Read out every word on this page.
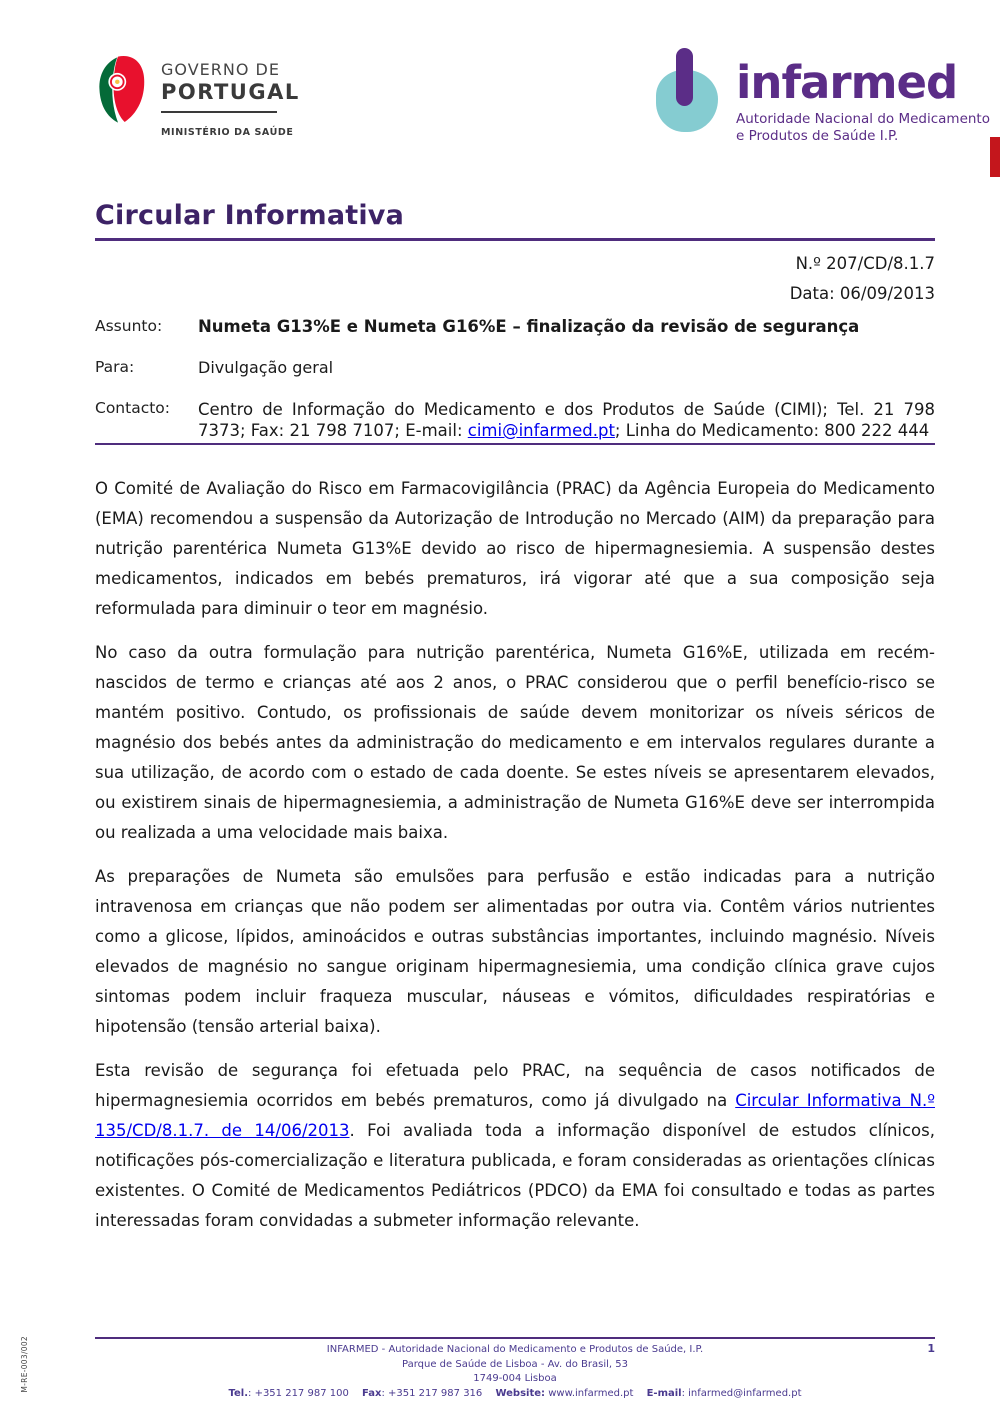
GOVERNO DE
PORTUGAL
MINISTÉRIO DA SAÚDE
infarmed
Autoridade Nacional do Medicamento
e Produtos de Saúde I.P.
Circular Informativa
N.º 207/CD/8.1.7
Data: 06/09/2013
Assunto:	Numeta G13%E e Numeta G16%E – finalização da revisão de segurança
Para:	Divulgação geral
Contacto:	Centro de Informação do Medicamento e dos Produtos de Saúde (CIMI); Tel. 21 798 7373; Fax: 21 798 7107; E-mail: cimi@infarmed.pt; Linha do Medicamento: 800 222 444

O Comité de Avaliação do Risco em Farmacovigilância (PRAC) da Agência Europeia do Medicamento (EMA) recomendou a suspensão da Autorização de Introdução no Mercado (AIM) da preparação para nutrição parentérica Numeta G13%E devido ao risco de hipermagnesiemia. A suspensão destes medicamentos, indicados em bebés prematuros, irá vigorar até que a sua composição seja reformulada para diminuir o teor em magnésio.

No caso da outra formulação para nutrição parentérica, Numeta G16%E, utilizada em recém-nascidos de termo e crianças até aos 2 anos, o PRAC considerou que o perfil benefício-risco se mantém positivo. Contudo, os profissionais de saúde devem monitorizar os níveis séricos de magnésio dos bebés antes da administração do medicamento e em intervalos regulares durante a sua utilização, de acordo com o estado de cada doente. Se estes níveis se apresentarem elevados, ou existirem sinais de hipermagnesiemia, a administração de Numeta G16%E deve ser interrompida ou realizada a uma velocidade mais baixa.

As preparações de Numeta são emulsões para perfusão e estão indicadas para a nutrição intravenosa em crianças que não podem ser alimentadas por outra via. Contêm vários nutrientes como a glicose, lípidos, aminoácidos e outras substâncias importantes, incluindo magnésio. Níveis elevados de magnésio no sangue originam hipermagnesiemia, uma condição clínica grave cujos sintomas podem incluir fraqueza muscular, náuseas e vómitos, dificuldades respiratórias e hipotensão (tensão arterial baixa).

Esta revisão de segurança foi efetuada pelo PRAC, na sequência de casos notificados de hipermagnesiemia ocorridos em bebés prematuros, como já divulgado na Circular Informativa N.º 135/CD/8.1.7. de 14/06/2013. Foi avaliada toda a informação disponível de estudos clínicos, notificações pós-comercialização e literatura publicada, e foram consideradas as orientações clínicas existentes. O Comité de Medicamentos Pediátricos (PDCO) da EMA foi consultado e todas as partes interessadas foram convidadas a submeter informação relevante.

INFARMED - Autoridade Nacional do Medicamento e Produtos de Saúde, I.P.
Parque de Saúde de Lisboa - Av. do Brasil, 53
1749-004 Lisboa
Tel.: +351 217 987 100 Fax: +351 217 987 316 Website: www.infarmed.pt E-mail: infarmed@infarmed.pt
1
M-RE-003/002
